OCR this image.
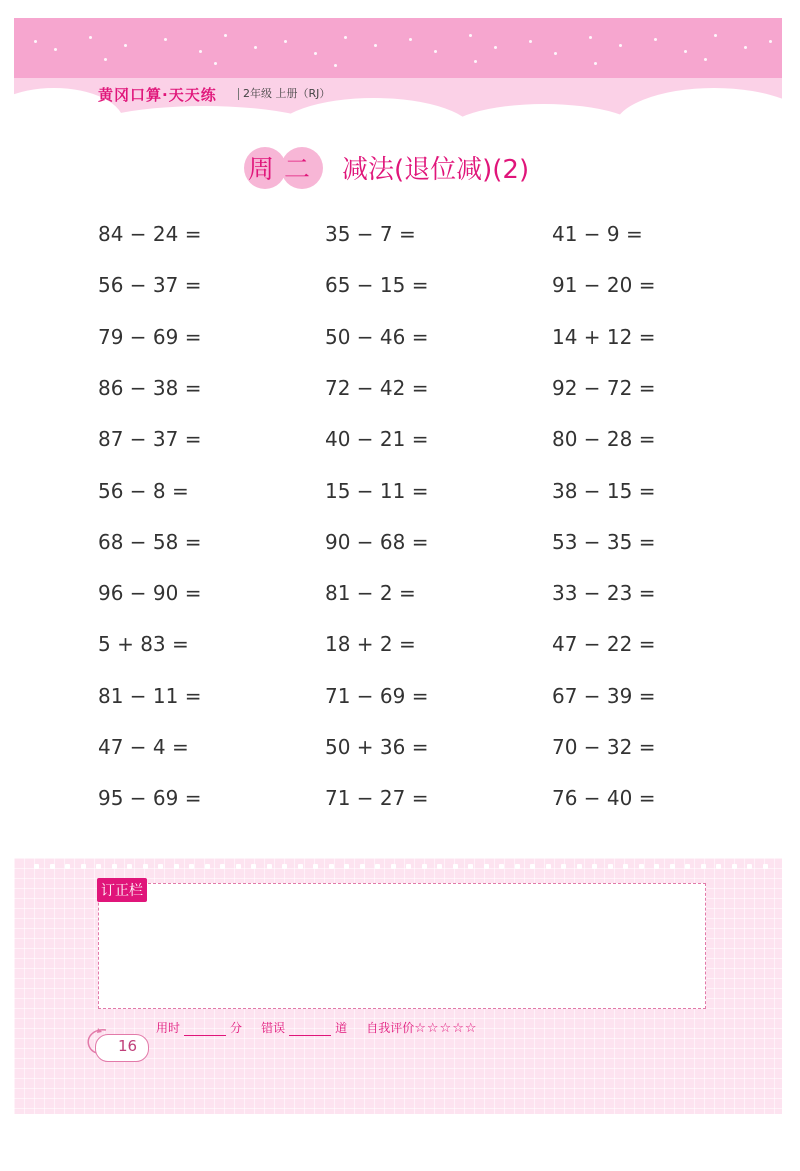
黄冈口算·天天练	2年级 上册（RJ）
周二 减法(退位减)(2)
84 − 24 =	35 − 7 =	41 − 9 =
56 − 37 =	65 − 15 =	91 − 20 =
79 − 69 =	50 − 46 =	14 + 12 =
86 − 38 =	72 − 42 =	92 − 72 =
87 − 37 =	40 − 21 =	80 − 28 =
56 − 8 =	15 − 11 =	38 − 15 =
68 − 58 =	90 − 68 =	53 − 35 =
96 − 90 =	81 − 2 =	33 − 23 =
5 + 83 =	18 + 2 =	47 − 22 =
81 − 11 =	71 − 69 =	67 − 39 =
47 − 4 =	50 + 36 =	70 − 32 =
95 − 69 =	71 − 27 =	76 − 40 =
订正栏
16
用时	分 错误	道 自我评价☆☆☆☆☆
